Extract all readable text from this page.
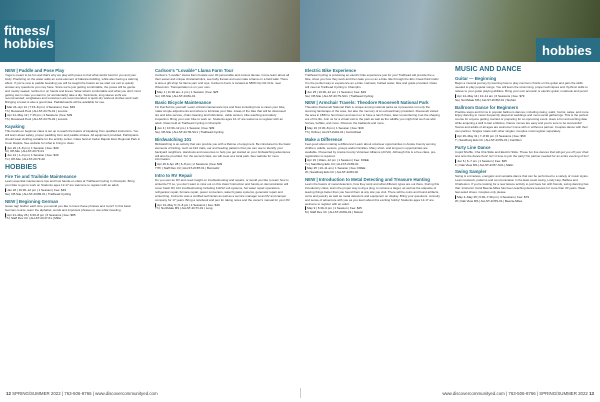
fitness/
hobbies	hobbies
NEW | Paddle and Pose Play
Yoga is meant to be fun and that's why we play with poses to find what works best for you and your body. Practicing on the water adds an extra element of balance-building, while also having a calming effect. If you're new to paddle boarding you will be taught the basics as we start our exit to quietly answer any questions you may have. Since we're just getting comfortable, the poses will be gentle and mostly seated, reclined or on hands and knees. Wear what's comfortable and what you don't mind getting wet in case you want to (or accidentally) take a dip. Swimsuits, long sleeve surfs are recommended; sunglasses and sunscreen are recommended. A quick-dry workout clothes work well. Bringing a towel is also a good idea. Paddleboards will be available for use.
▌Mar 24–Apr 14 | 7:15–8 pm | 4 Sessions | Fee: $39
Th | Roosevelt Pool | ALLST-2C7S-01 | Loomis
▌Apr 21–May 12 | 7:15 pm | 4 Sessions | Fee: $39
Th | Roosevelt Pool | ALLST-2C7S-02 | Loomis
Kayaking
This hands-on beginner class is set up to teach the basics of kayaking from qualified instructors. You will learn about safety, proper paddling form and paddle strokes. All equipment provided. Participants should wear clothing suitable for the activity center. Class held at Cedar Rapids Dam Regional Park in Coon Rapids. See website for what to bring to class.
▌Jun 20 | 6–8 pm | 1 Session | Fee: $39
M | Off-Site | ALLST-2C7F-01
▌Jun 21 | 1–3 pm | 1 Session | Fee: $39
Tu | Off-Site | ALLST-2C7F-02
HOBBIES
Fire Tie and Trailside Maintenance
Learn essential maintenance tips and how hands-on class at Trailhead Cycling in Champlin. Bring your bike to get to work on Students ages 12-17 are welcome to register with an adult.
▌Jan 26 | 10:30–12 pm | 1 Session | Fee: $49
Sa | Off-Site | ALLST-2C8R-01 | Trailhead Cycling
NEW | Beginning German
Guten tag! Gather each time you would you like to know these phrases and more? In this basic German course, learn the alphabet, words and important phrases to use while traveling.
▌Apr 21–May 26 | 6:30–8 pm | 6 Sessions | Fee: $85
Th | Staff Dev Ctr | ALLST-2C47-01 | Miller
Carlson's "Lovable" Llama Farm Tour
Carlson's "Lovable" Llama Farm boasts over 30 personable and curious llamas. Come learn about all their sweet and unique characteristics, see baby llamas and even take a llama on a field walk. There is also a gift shop for llama yarn and toys. Carlson's Farm is located at 6868 City Rd 10 E, near Wisconsin. Transportation is on your own.
▌May 1 | 11:30 am–1 pm | 1 Session | Fee: $25
Su | Off-Site | ALLST-2C8A-01
Basic Bicycle Maintenance
Fix that flat tire yourself. Learn critical maintenance tips and fixes including how to clean your bike, make simple adjustments and where to lubricate your bike. Areas of the bike that will be discussed: tire and tube service, chain cleaning and lubrication, cable tension, bike washing and safety inspection. Bring your own bike to work on. Students ages 12-17 are welcome to register with an adult. Class held at Trailhead Cycling in Champlin.
▌Jun 4 | 10:30–12 pm | 1 Session | Fee: $39
Sa | Off-Site | ALLST-2C7R-SU1 | Trailhead Cycling
Birdwatching 101
Birdwatching is an activity that can provide you with a lifetime of enjoyment. Be introduced to the basic elements of birding, such as bird traits, ear and feeding patterns that you can use to identify your backyard neighbors. Handouts and resources to help you get started on your birdwatching adventures will also be provided. For the second class, we will meet at a local park. See website for more information.
▌Apr 26 & Apr 28 | 6–8 pm | 2 Sessions | Fee: $49
T/Th | Staff Dev Ctr | ALLST-2C8T-01 | Borrowitz
Intro to RV Repair
Do you own an RV and need insight on troubleshooting and repairs, or would you like to learn how to winterize? If so, you don't want to miss out on this class! Instruction and hands-on demonstration will cover basic RV 101 troubleshooting including 110/12 volt systems, hot water repair operations, refrigerator repair, furnace repair, power converters, water bypass systems, generator repair and winterizing. Instructor was a certified technician as well as a service manager at an RV and camper company for 17 years. Bring a notebook and pen for taking notes and the owner's manual for your RV.
▌Apr 14–May 5 | 6–8 pm | 4 Sessions | Fee: $49
Th | Northdale MS | ALLST-2C7V-01 | Long
Electric Bike Experience
Trailhead Cycling is producing an electric bike experience just for you! Trailhead will provide the e-bike, show you how they work and then take you on an e-bike ride through the Elm Creek Park trails! It is the perfect way to experience an e-bike. Helmets, bottled water, bike and guide provided. Class will meet at Trailhead Cycling in Champlin.
▌Jun 25 | 10:30–12 pm | 1 Session | Fee: $29
Sa | Off-Site | ALLST-2C7S-SU1 | Trailhead Cycling
NEW | Armchair Travels: Theodore Roosevelt National Park
Theodore Roosevelt National Park is unique among national parks as it preserves not only the stunning landscape of the area, but also the memory of an extraordinary president. Roosevelt visited the area in 1883 to hunt bison and went on to have a ranch there, later remembering it as the shaping era of his life. Join us for a virtual visit to the park as well as the wildlife you might find such as wild horses, buffalo, and more. Discover the badlands and more.
▌May 19 | 6:30–8 pm | 1 Session | Fee: $39
Th | Online | ALLST-2H01-01 | Carmichael
Make a Difference
Feel good about making a difference! Learn about volunteer opportunities in Anoka County serving children, adults, seniors, groups and/or families. Many short- and long-term opportunities are available. Presented by Anoka County Volunteer Alliance (ACVA). Although this is a free class, pre-registration is required.
▌Apr 19 | 10am–12 pm | 1 Session | Fee: FREE
Tu | Sandburg Edu Ctr | ALLST-2C83-01
▌May 25 | 10–11 am | 1 Session | Fee: FREE
W | Sandburg Edu Ctr | ALLST-2C83-02
NEW | Introduction to Metal Detecting and Treasure Hunting
Learn the basics of metal detectors, how they work and what different types are out there. During this introductory class, learn the proper way to dig a plug, to retrieve a target, as well as the etiquette of leaving things better than you found them at any site you visit. There will be coins and found artifacts, coins and jewelry as well as metal detectors and equipment on display. Bring your questions, curiosity and sense of adventure with you as you learn about this exciting hobby! Students ages 12-17 are welcome to register with an adult.
▌May 9 | 6:30–9 pm | 1 Session | Fee: $45
M | Staff Dev Ctr | ALLST-2C8H-01 | Nelson
MUSIC AND DANCE
Guitar — Beginning
Begin a musical journey by learning how to play common chords on the guitar and gain the skills needed to play popular songs. You will learn the strumming, proper techniques and rhythmic skills to relieve to your guitar playing abilities. Bring your own acoustic or electric guitar, notebook and pencil.
▌Apr 14–May 14 | 10–11 am | 6 Sessions | Fee: $79
Sa | Northdale MS | ALLST-2C5M-01 | Stuhler
Ballroom Dance for Beginners
Practice steps and forms in popular ballroom dances, including swing, waltz, foxtrot, salsa, and more. Enjoy dancing to music frequently played at weddings and most social gatherings. This is the perfect course for anyone getting married or preparing for an upcoming event. Have a fun and exciting date while acquiring a skill to last a lifetime. Dance moves are easy and you're sure to be successful! Teams and adults of all ages are welcome! Come with or without a partner. Couples dance with their own partner. Singles rotate with other singles. Couples must register separately.
▌Apr 26–May 31 | 7–8:30 pm | 6 Sessions | Fee: $59
T | Sandburg Edu Ctr | ALLST-2C5S-01 | Carrillion
Party Line Dance
Cupid Shuffle, Cha Cha Slide and Electric Slide. These fun line dances that will get you off your chair and onto the dance floor! Isn't it time to join the party! No partner needed for an entire evening of fun!
▌Jun 6 | 6–7 pm | 1 Session | Fee: $25
F | Oak View MS | ALLST-2C57-SU1 | Malin
Swing Sampler
Swing is a timeless, energetic and versatile dance that can be performed to a variety of music styles. Learn footwork, patterns and communication in the East coast swing, Lindy Hop, Balboa and Charleston. If you're looking for a new leisure activity to just have fun with friends, swing dancing has that. Instructor Carol Beezie-Miles has been teaching dance lessons for more than 30 years. Wear fast-soled shoes. Couples only please.
▌May 4–May 25 | 6:30–7:30 pm | 4 Sessions | Fee: $79
W | Oak View MS | ALLST-2C5S-01 | Beezie-Miles
12 SPRING/SUMMER 2022 | 763-506-8766 | www.discovercommunityed.com	www.discovercommunityed.com | 763-506-8766 | SPRING/SUMMER 2022 13
